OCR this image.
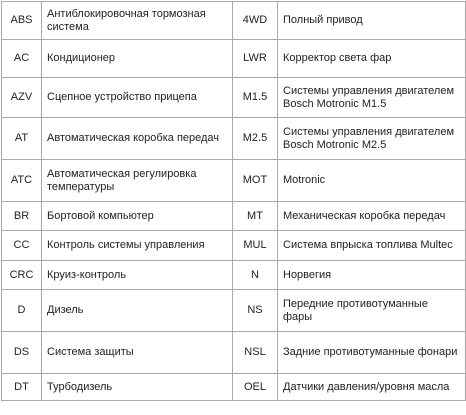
ABS	Антиблокировочная тормозная система	4WD	Полный привод
AC	Кондиционер	LWR	Корректор света фар
AZV	Сцепное устройство прицепа	M1.5	Системы управления двигателем Bosch Motronic M1.5
AT	Автоматическая коробка передач	M2.5	Системы управления двигателем Bosch Motronic M2.5
ATC	Автоматическая регулировка температуры	MOT	Motronic
BR	Бортовой компьютер	MT	Механическая коробка передач
CC	Контроль системы управления	MUL	Система впрыска топлива Multec
CRC	Круиз-контроль	N	Норвегия
D	Дизель	NS	Передние противотуманные фары
DS	Система защиты	NSL	Задние противотуманные фонари
DT	Турбодизель	OEL	Датчики давления/уровня масла
